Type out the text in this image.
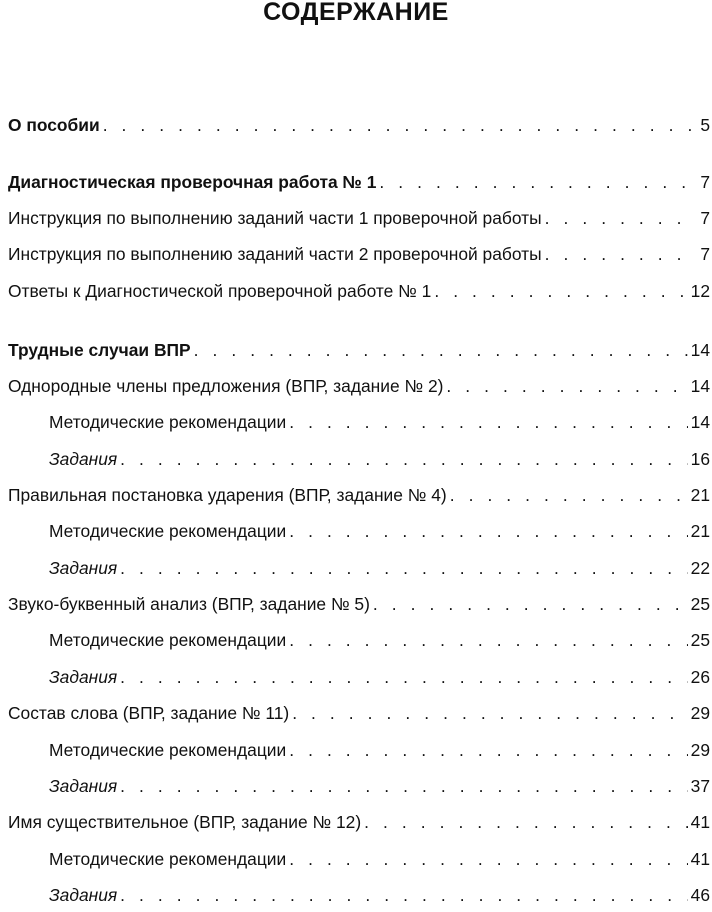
СОДЕРЖАНИЕ
О пособии . . .	5
Диагностическая проверочная работа № 1 . . .	7
Инструкция по выполнению заданий части 1 проверочной работы . . .	7
Инструкция по выполнению заданий части 2 проверочной работы . . .	7
Ответы к Диагностической проверочной работе № 1 . . .	12
Трудные случаи ВПР . . .	14
Однородные члены предложения (ВПР, задание № 2) . . .	14
Методические рекомендации . . .	14
Задания . . .	16
Правильная постановка ударения (ВПР, задание № 4) . . .	21
Методические рекомендации . . .	21
Задания . . .	22
Звуко-буквенный анализ (ВПР, задание № 5) . . .	25
Методические рекомендации . . .	25
Задания . . .	26
Состав слова (ВПР, задание № 11) . . .	29
Методические рекомендации . . .	29
Задания . . .	37
Имя существительное (ВПР, задание № 12) . . .	41
Методические рекомендации . . .	41
Задания . . .	46
